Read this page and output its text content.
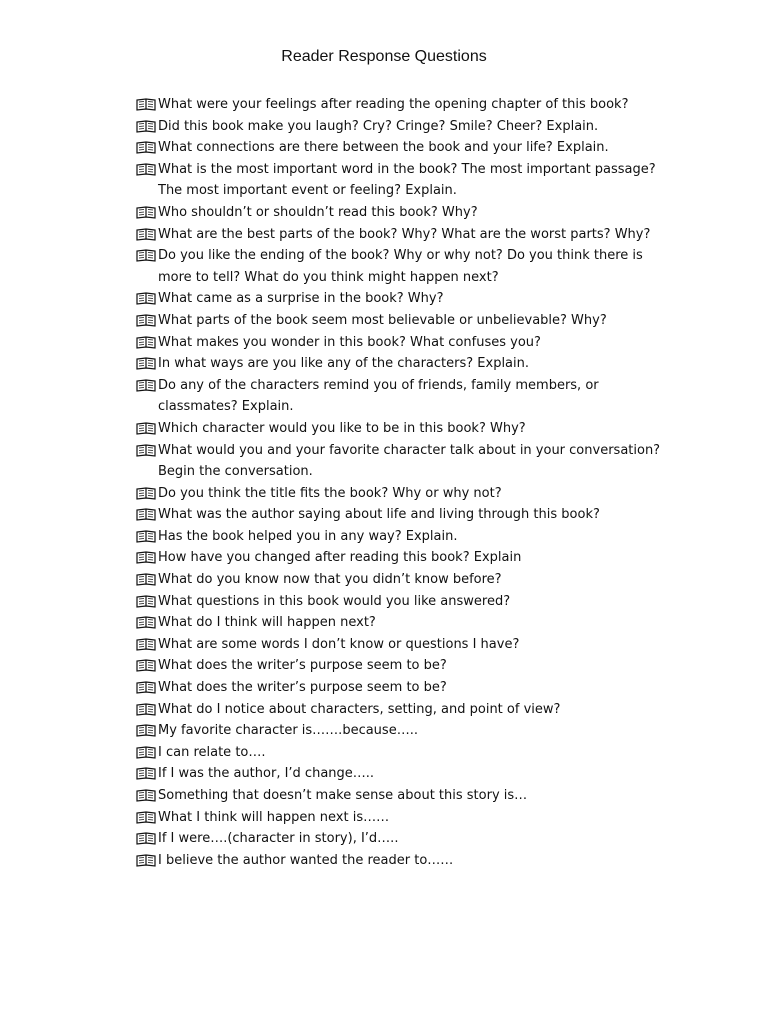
Reader Response Questions
What were your feelings after reading the opening chapter of this book?
Did this book make you laugh? Cry? Cringe? Smile? Cheer? Explain.
What connections are there between the book and your life? Explain.
What is the most important word in the book? The most important passage? The most important event or feeling? Explain.
Who shouldn’t or shouldn’t read this book? Why?
What are the best parts of the book? Why? What are the worst parts? Why?
Do you like the ending of the book? Why or why not? Do you think there is more to tell? What do you think might happen next?
What came as a surprise in the book? Why?
What parts of the book seem most believable or unbelievable? Why?
What makes you wonder in this book? What confuses you?
In what ways are you like any of the characters? Explain.
Do any of the characters remind you of friends, family members, or classmates? Explain.
Which character would you like to be in this book? Why?
What would you and your favorite character talk about in your conversation? Begin the conversation.
Do you think the title fits the book? Why or why not?
What was the author saying about life and living through this book?
Has the book helped you in any way? Explain.
How have you changed after reading this book? Explain
What do you know now that you didn’t know before?
What questions in this book would you like answered?
What do I think will happen next?
What are some words I don’t know or questions I have?
What does the writer’s purpose seem to be?
What does the writer’s purpose seem to be?
What do I notice about characters, setting, and point of view?
My favorite character is…….because…..
I can relate to….
If I was the author, I’d change…..
Something that doesn’t make sense about this story is…
What I think will happen next is……
If I were….(character in story), I’d…..
I believe the author wanted the reader to……
